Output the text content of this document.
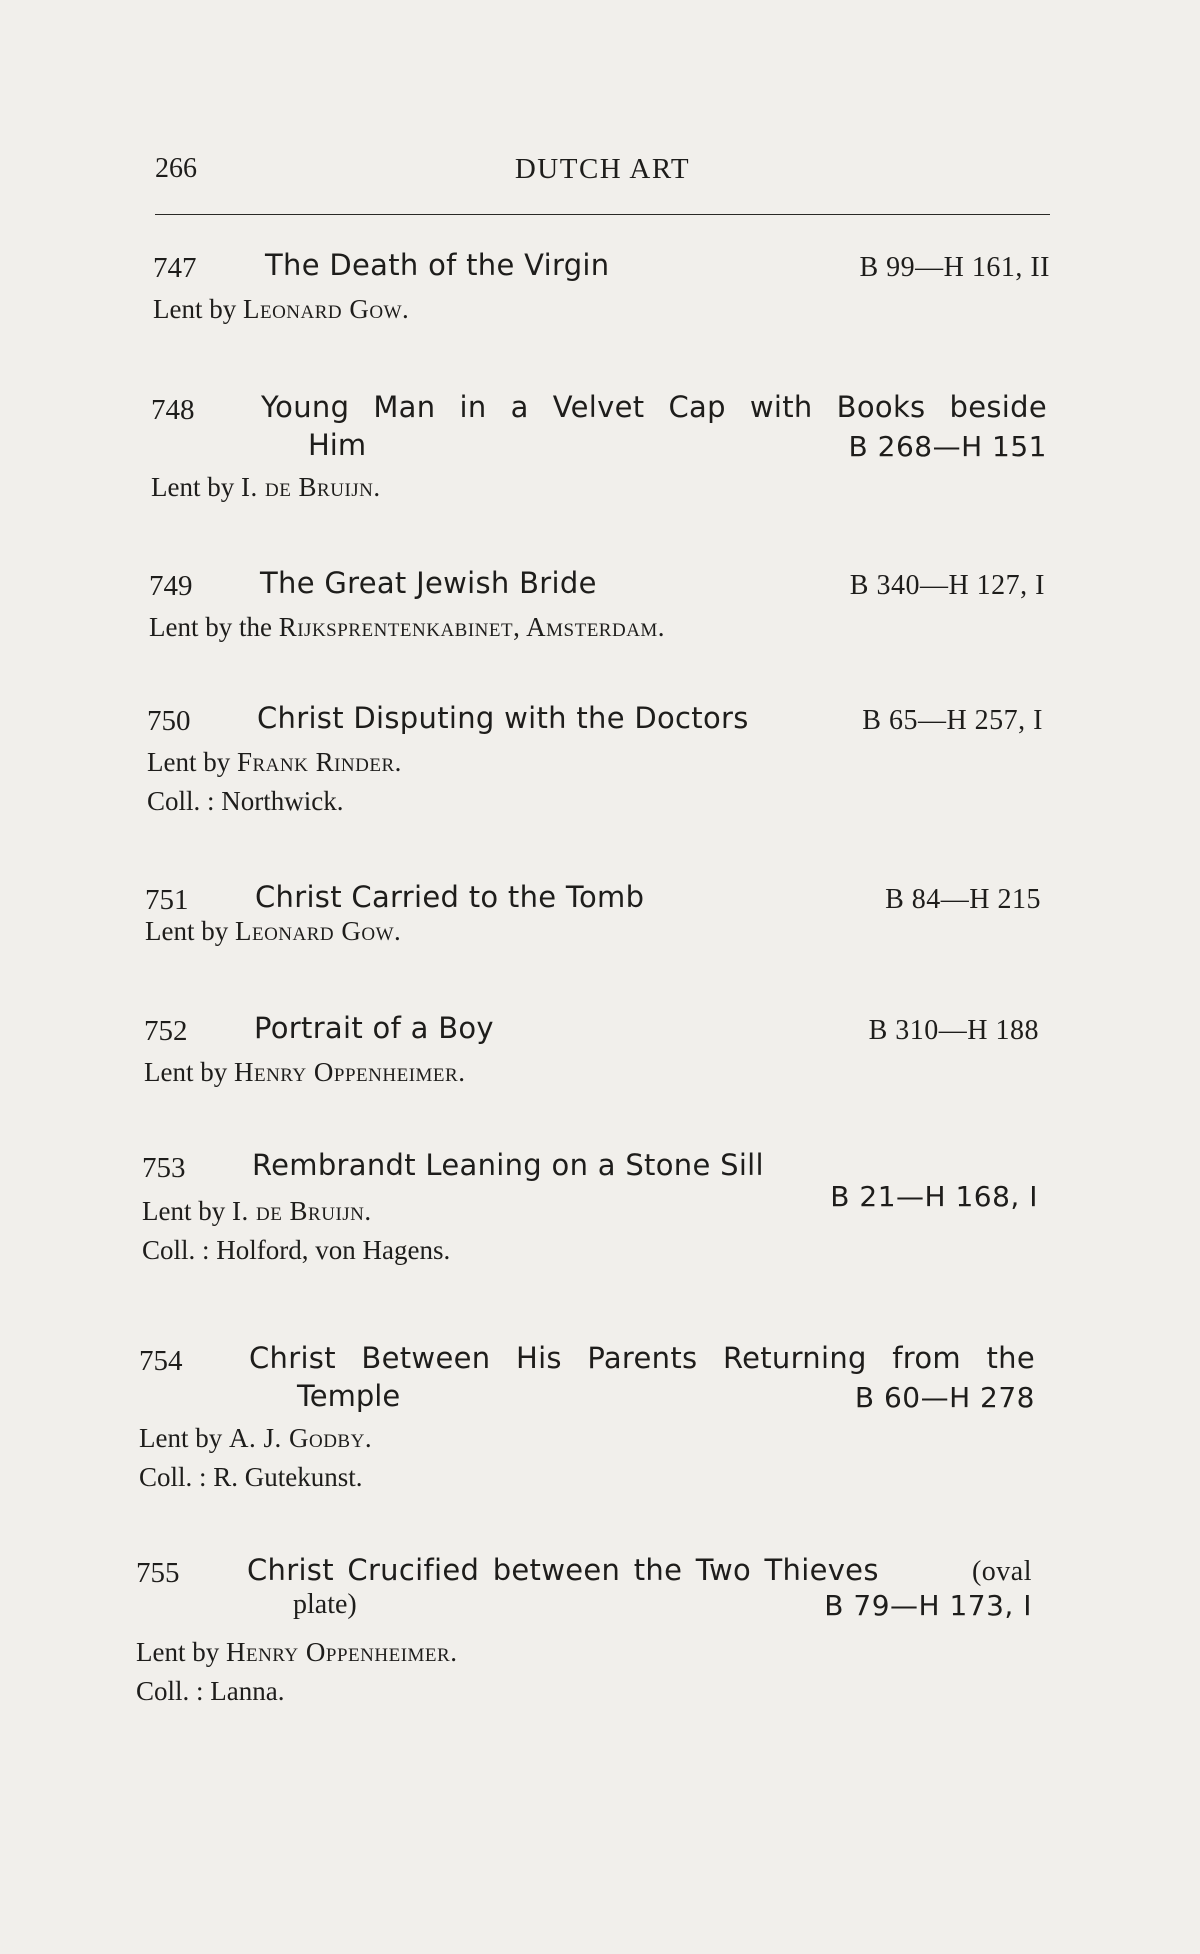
266	DUTCH ART
747 The Death of the Virgin	B 99—H 161, II
Lent by Leonard Gow.
748 Young Man in a Velvet Cap with Books beside
Him	B 268—H 151
Lent by I. de Bruijn.
749 The Great Jewish Bride	B 340—H 127, I
Lent by the Rijksprentenkabinet, Amsterdam.
750 Christ Disputing with the Doctors	B 65—H 257, I
Lent by Frank Rinder.
Coll. : Northwick.
751 Christ Carried to the Tomb	B 84—H 215
Lent by Leonard Gow.
752 Portrait of a Boy	B 310—H 188
Lent by Henry Oppenheimer.
753 Rembrandt Leaning on a Stone Sill
B 21—H 168, I
Lent by I. de Bruijn.
Coll. : Holford, von Hagens.
754 Christ Between His Parents Returning from the
Temple	B 60—H 278
Lent by A. J. Godby.
Coll. : R. Gutekunst.
755 Christ Crucified between the Two Thieves	(oval
plate)	B 79—H 173, I
Lent by Henry Oppenheimer.
Coll. : Lanna.
